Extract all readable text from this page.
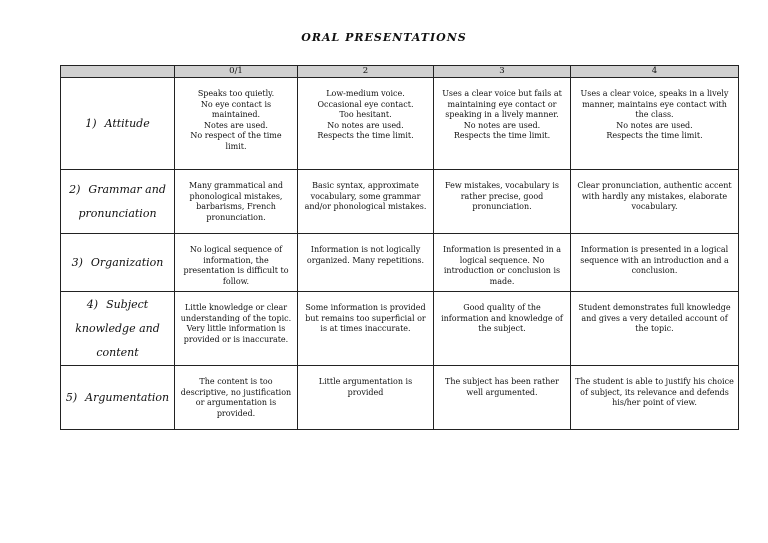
ORAL PRESENTATIONS
	0/1	2	3	4
1) Attitude	Speaks too quietly.
No eye contact is
maintained.
Notes are used.
No respect of the time limit.	Low-medium voice.
Occasional eye contact.
Too hesitant.
No notes are used.
Respects the time limit.	Uses a clear voice but fails at
maintaining eye contact or
speaking in a lively manner.
No notes are used.
Respects the time limit.	Uses a clear voice, speaks in a lively
manner, maintains eye contact with
the class.
No notes are used.
Respects the time limit.

2) Grammar and pronunciation	Many grammatical and
phonological mistakes,
barbarisms, French
pronunciation.	Basic syntax, approximate
vocabulary, some grammar
and/or phonological mistakes.	Few mistakes, vocabulary is
rather precise, good
pronunciation.	Clear pronunciation, authentic accent
with hardly any mistakes, elaborate
vocabulary.

3) Organization	No logical sequence of
information, the
presentation is difficult to
follow.	Information is not logically
organized. Many repetitions.	Information is presented in a
logical sequence. No
introduction or conclusion is
made.	Information is presented in a logical
sequence with an introduction and a
conclusion.

4) Subject knowledge and content	Little knowledge or clear
understanding of the topic.
Very little information is
provided or is inaccurate.	Some information is provided
but remains too superficial or
is at times inaccurate.	Good quality of the
information and knowledge of
the subject.	Student demonstrates full knowledge
and gives a very detailed account of
the topic.

5) Argumentation	The content is too
descriptive, no justification
or argumentation is
provided.	Little argumentation is
provided	The subject has been rather
well argumented.	The student is able to justify his choice
of subject, its relevance and defends
his/her point of view.
